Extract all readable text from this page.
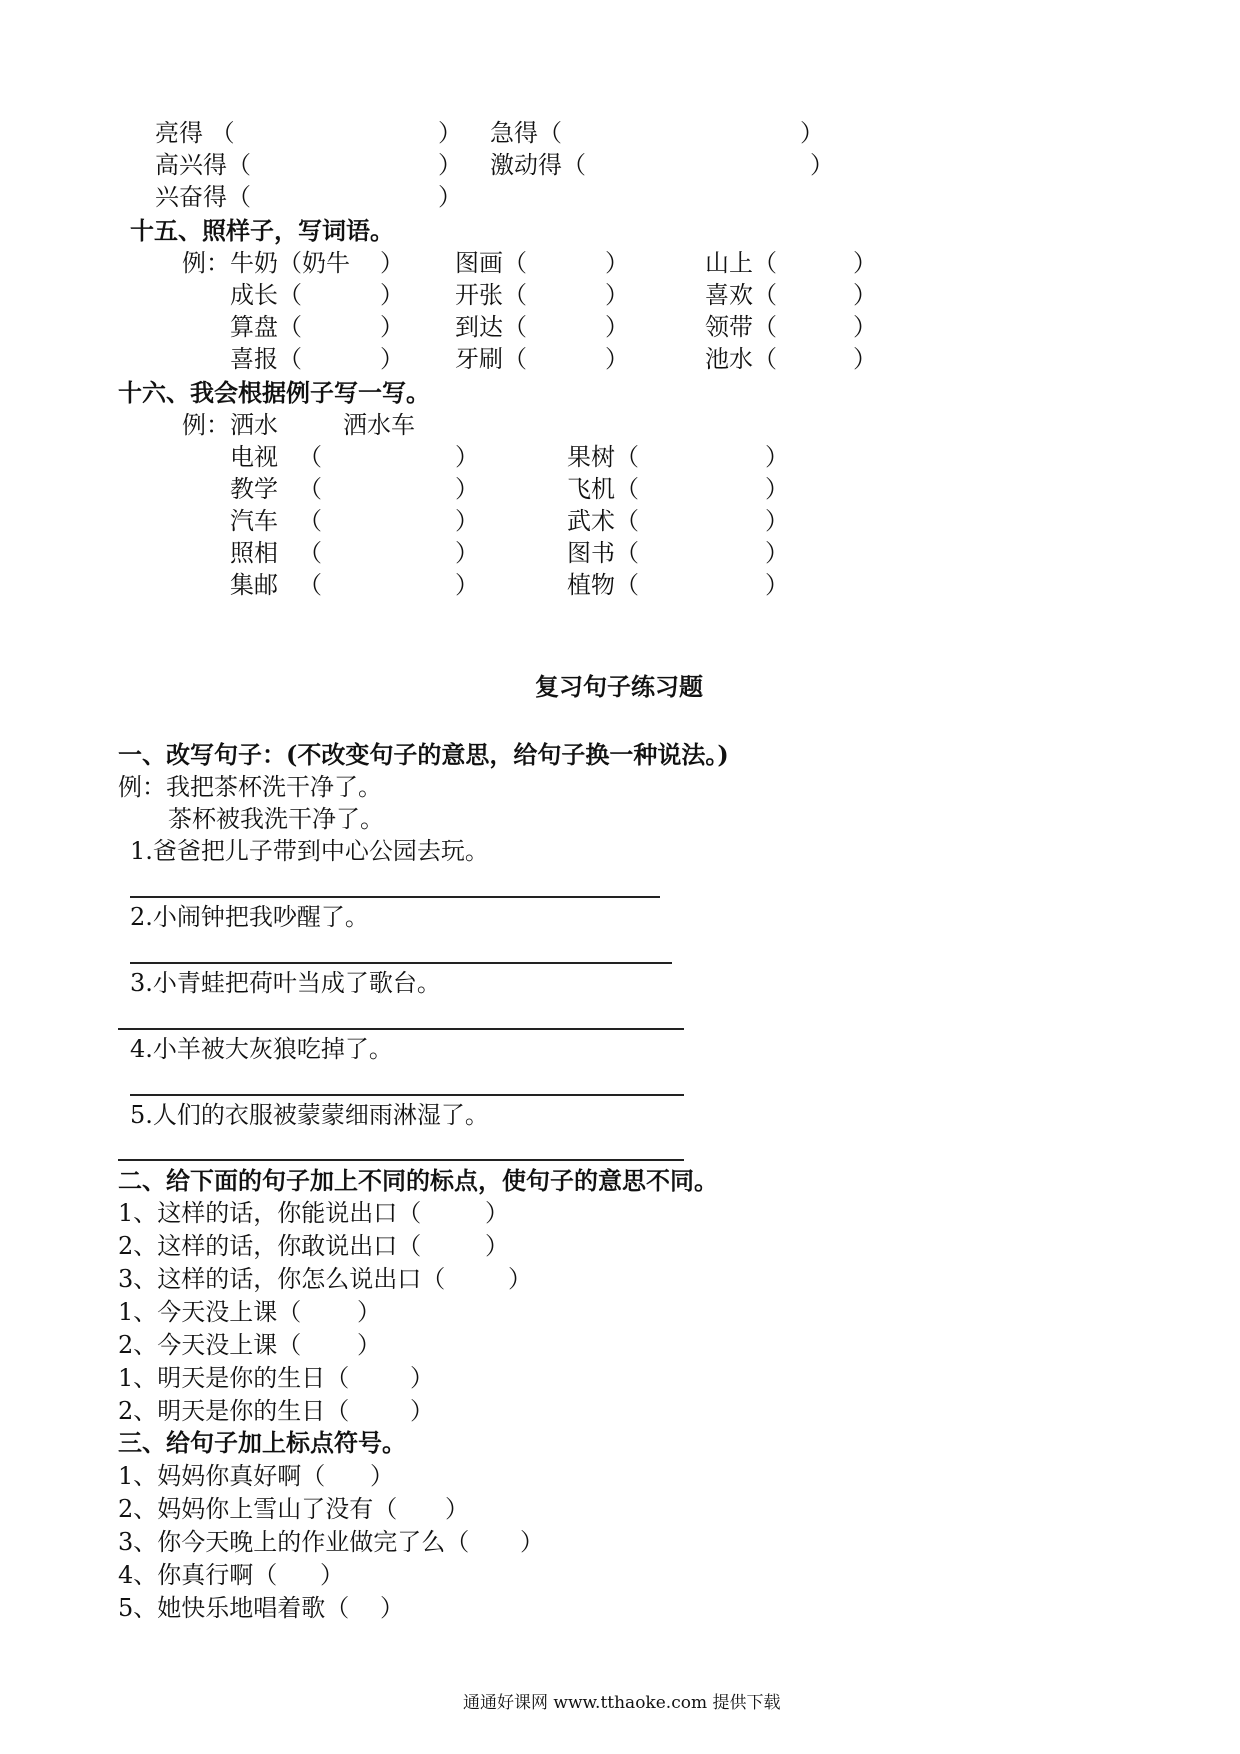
亮得 （	） 急得（	）
高兴得（	） 激动得（	）
兴奋得（	）
十五、照样子，写词语。
例： 牛奶（奶牛 ） 图画（	）	山上（	）
成长（	） 开张（	）	喜欢（	）
算盘（	） 到达（	）	领带（	）
喜报（	） 牙刷（	）	池水（	）
十六、我会根据例子写一写。
例：洒水	洒水车
电视 （	）	果树（	）
教学 （	）	飞机（	）
汽车 （	）	武术（	）
照相 （	）	图书（	）
集邮 （	）	植物（	）
复习句子练习题
一、改写句子：(不改变句子的意思，给句子换一种说法。)
例：我把茶杯洗干净了。
茶杯被我洗干净了。
1.爸爸把儿子带到中心公园去玩。
2.小闹钟把我吵醒了。
3.小青蛙把荷叶当成了歌台。
4.小羊被大灰狼吃掉了。
5.人们的衣服被蒙蒙细雨淋湿了。
二、给下面的句子加上不同的标点，使句子的意思不同。
1、这样的话，你能说出口（	）
2、这样的话，你敢说出口（	）
3、这样的话，你怎么说出口（	）
1、今天没上课（ ）
2、今天没上课（ ）
1、明天是你的生日（	）
2、明天是你的生日（	）
三、给句子加上标点符号。
1、妈妈你真好啊（ ）
2、妈妈你上雪山了没有（ ）
3、你今天晚上的作业做完了么（ ）
4、你真行啊（ ）
5、她快乐地唱着歌（ ）
通通好课网 www.tthaoke.com 提供下载
